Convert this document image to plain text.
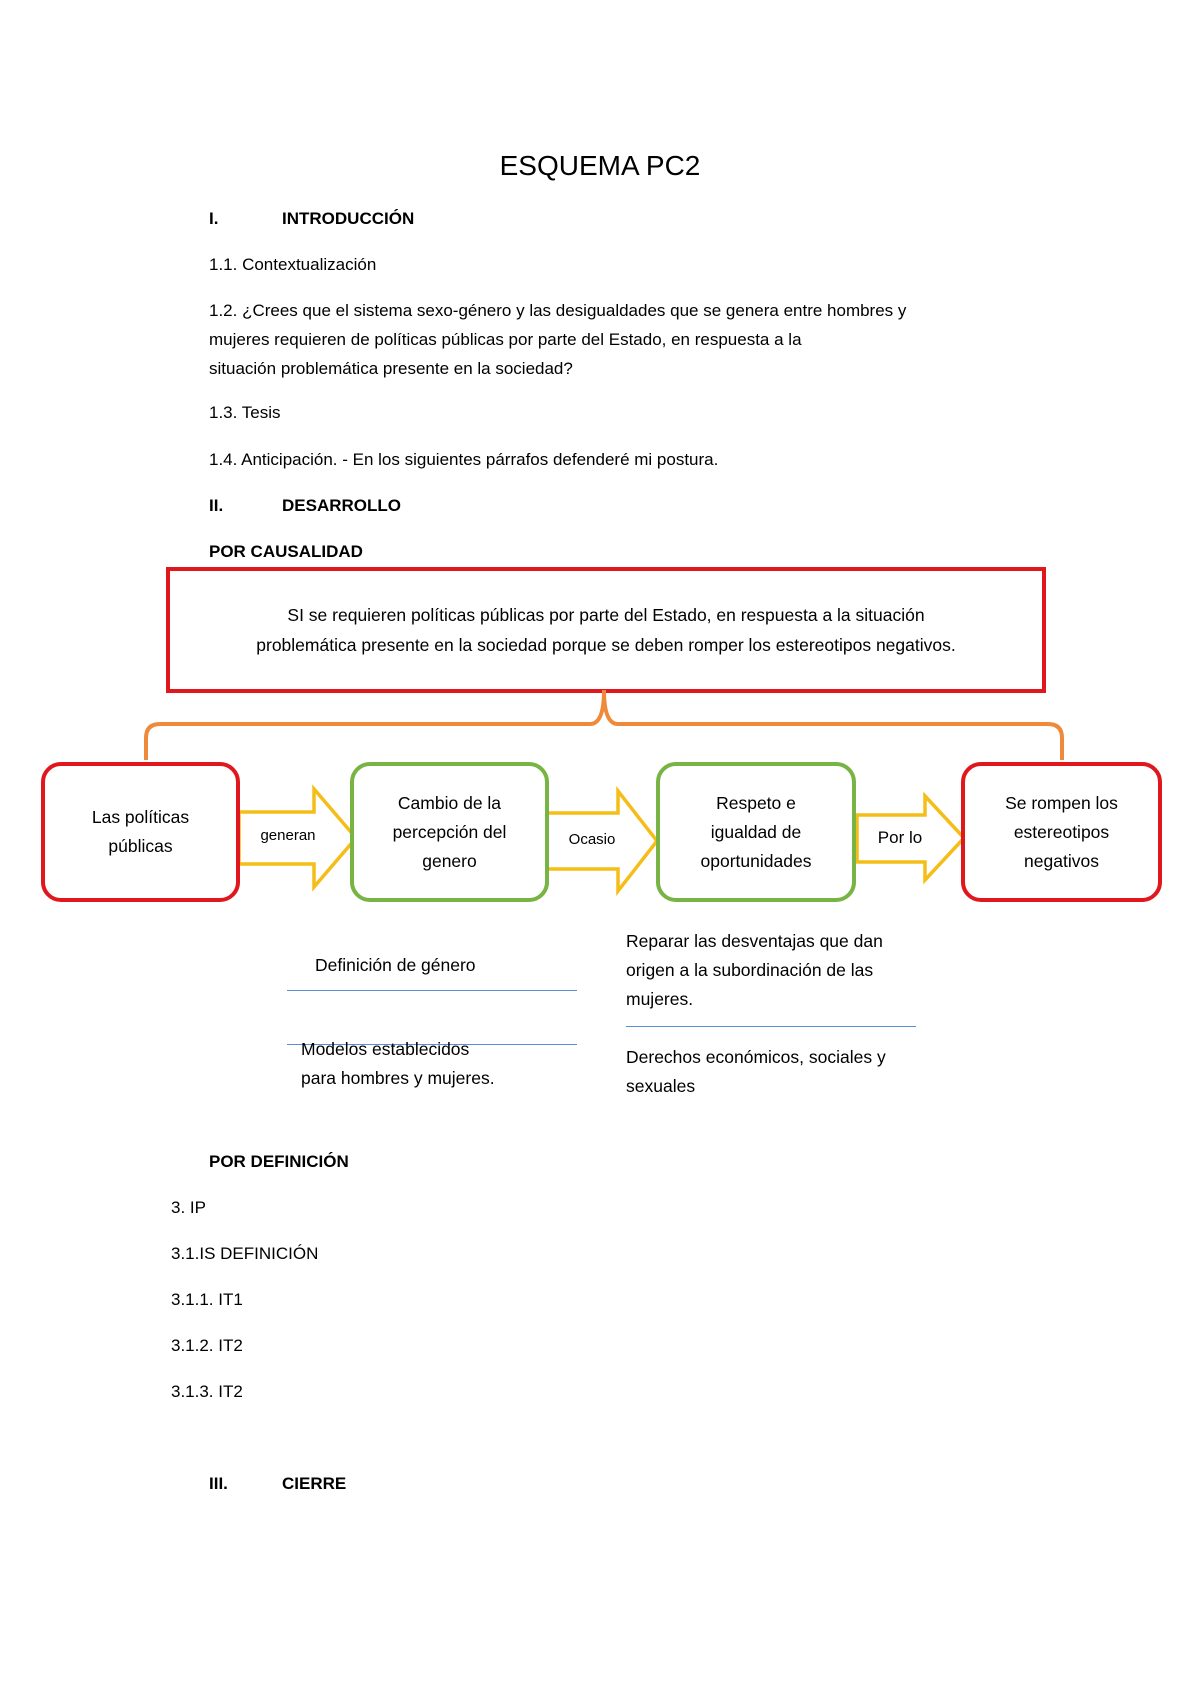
ESQUEMA PC2
I.	INTRODUCCIÓN
1.1. Contextualización
1.2. ¿Crees que el sistema sexo-género y las desigualdades que se genera entre hombres y
mujeres requieren de políticas públicas por parte del Estado, en respuesta a la
situación problemática presente en la sociedad?
1.3. Tesis
1.4. Anticipación. - En los siguientes párrafos defenderé mi postura.
II.	DESARROLLO
POR CAUSALIDAD
SI se requieren políticas públicas por parte del Estado, en respuesta a la situación
problemática presente en la sociedad porque se deben romper los estereotipos negativos.
generan	Ocasio	Por lo
Las políticas
públicas
Cambio de la
percepción del
genero
Respeto e
igualdad de
oportunidades
Se rompen los
estereotipos
negativos
Definición de género
Modelos establecidos
para hombres y mujeres.
Reparar las desventajas que dan
origen a la subordinación de las
mujeres.
Derechos económicos, sociales y
sexuales
POR DEFINICIÓN
3. IP
3.1.IS DEFINICIÓN
3.1.1. IT1
3.1.2. IT2
3.1.3. IT2
III.	CIERRE
